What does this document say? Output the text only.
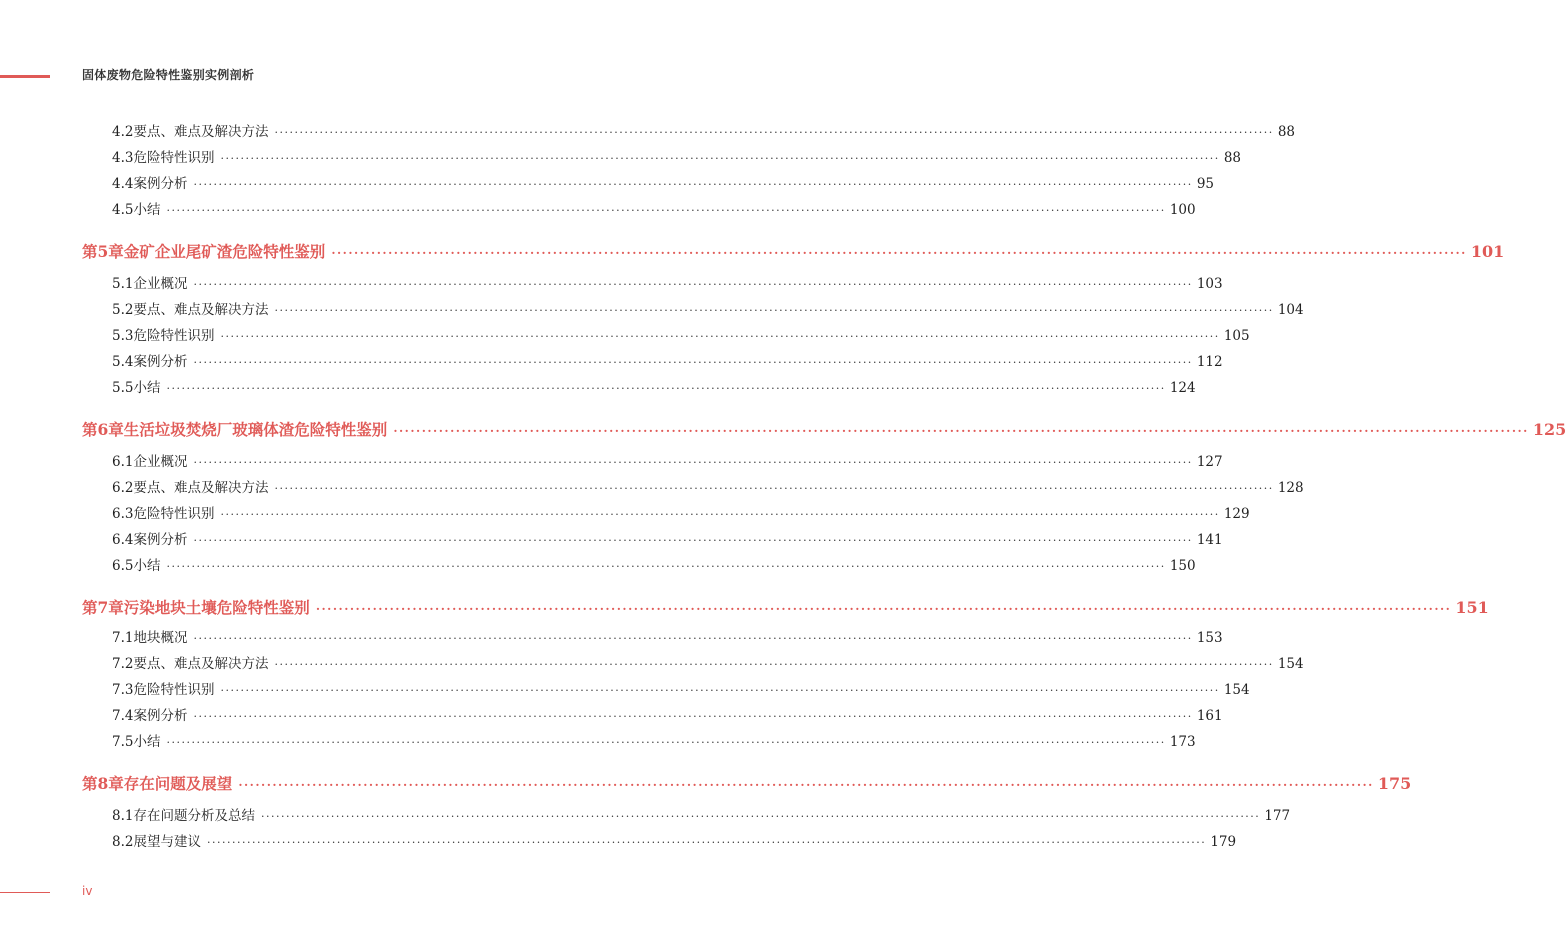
固体废物危险特性鉴别实例剖析
4.2 要点、难点及解决方法 ········································································································································································································ 88
4.3 危险特性识别 ········································································································································································································ 88
4.4 案例分析 ········································································································································································································ 95
4.5 小结 ········································································································································································································ 100
第5章 金矿企业尾矿渣危险特性鉴别 ········································································································································································································ 101
5.1 企业概况 ········································································································································································································ 103
5.2 要点、难点及解决方法 ········································································································································································································ 104
5.3 危险特性识别 ········································································································································································································ 105
5.4 案例分析 ········································································································································································································ 112
5.5 小结 ········································································································································································································ 124
第6章 生活垃圾焚烧厂玻璃体渣危险特性鉴别 ········································································································································································································ 125
6.1 企业概况 ········································································································································································································ 127
6.2 要点、难点及解决方法 ········································································································································································································ 128
6.3 危险特性识别 ········································································································································································································ 129
6.4 案例分析 ········································································································································································································ 141
6.5 小结 ········································································································································································································ 150
第7章 污染地块土壤危险特性鉴别 ········································································································································································································ 151
7.1 地块概况 ········································································································································································································ 153
7.2 要点、难点及解决方法 ········································································································································································································ 154
7.3 危险特性识别 ········································································································································································································ 154
7.4 案例分析 ········································································································································································································ 161
7.5 小结 ········································································································································································································ 173
第8章 存在问题及展望 ········································································································································································································ 175
8.1 存在问题分析及总结 ········································································································································································································ 177
8.2 展望与建议 ········································································································································································································ 179
iv
